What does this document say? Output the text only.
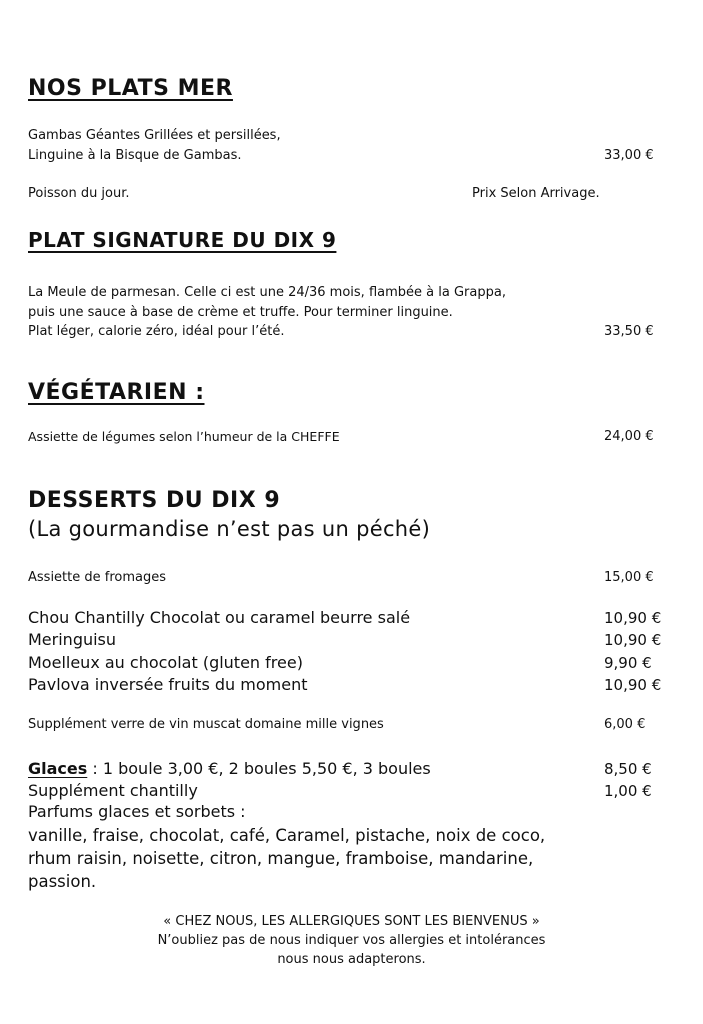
NOS PLATS MER
Gambas Géantes Grillées et persillées,
Linguine à la Bisque de Gambas.	33,00 €
Poisson du jour.	Prix Selon Arrivage.
PLAT SIGNATURE DU DIX 9
La Meule de parmesan. Celle ci est une 24/36 mois, flambée à la Grappa,
puis une sauce à base de crème et truffe. Pour terminer linguine.
Plat léger, calorie zéro, idéal pour l’été.	33,50 €
VÉGÉTARIEN :
Assiette de légumes selon l’humeur de la CHEFFE	24,00 €
DESSERTS DU DIX 9
(La gourmandise n’est pas un péché)
Assiette de fromages	15,00 €
Chou Chantilly Chocolat ou caramel beurre salé	10,90 €
Meringuisu	10,90 €
Moelleux au chocolat (gluten free)	9,90 €
Pavlova inversée fruits du moment	10,90 €
Supplément verre de vin muscat domaine mille vignes	6,00 €
Glaces : 1 boule 3,00 €, 2 boules 5,50 €, 3 boules	8,50 €
Supplément chantilly	1,00 €
Parfums glaces et sorbets :
vanille, fraise, chocolat, café, Caramel, pistache, noix de coco,
rhum raisin, noisette, citron, mangue, framboise, mandarine,
passion.
« CHEZ NOUS, LES ALLERGIQUES SONT LES BIENVENUS »
N’oubliez pas de nous indiquer vos allergies et intolérances
nous nous adapterons.
